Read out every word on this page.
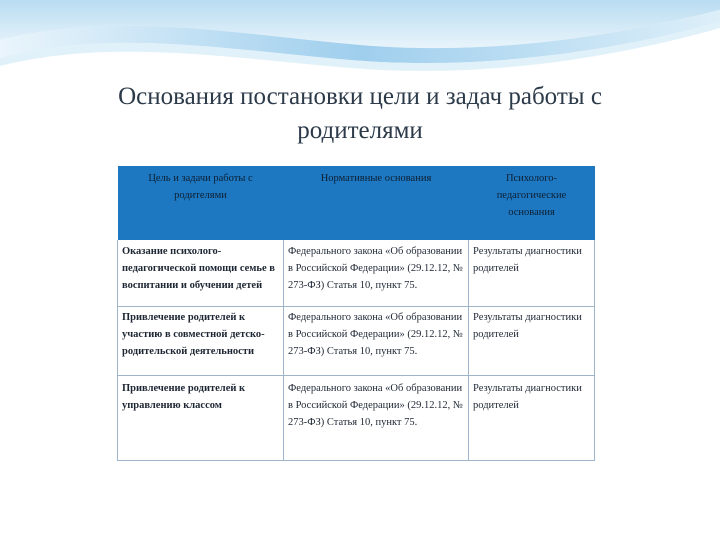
Основания постановки цели и задач работы с
родителями
Цель и задачи работы с родителями	Нормативные основания	Психолого-педагогические основания
Оказание психолого-педагогической помощи семье в воспитании и обучении детей	Федерального закона «Об образовании в Российской Федерации» (29.12.12, № 273-ФЗ) Статья 10, пункт 75.	Результаты диагностики родителей
Привлечение родителей к участию в совместной детско-родительской деятельности	Федерального закона «Об образовании в Российской Федерации» (29.12.12, № 273-ФЗ) Статья 10, пункт 75.	Результаты диагностики родителей
Привлечение родителей к управлению классом	Федерального закона «Об образовании в Российской Федерации» (29.12.12, № 273-ФЗ) Статья 10, пункт 75.	Результаты диагностики родителей
